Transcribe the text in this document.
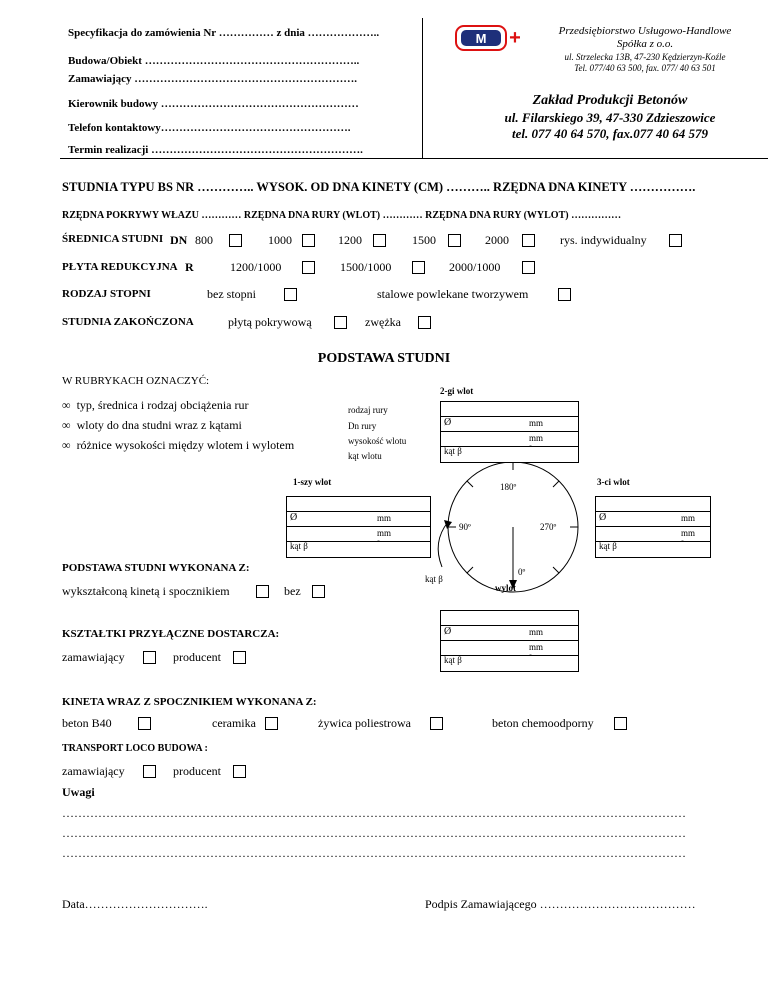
Specyfikacja do zamówienia Nr …………… z dnia ………………..
Budowa/Obiekt …………………………………………………..
Zamawiający …………………………………………………….
Kierownik budowy ………………………………………………
Telefon kontaktowy…………………………………………….
Termin realizacji ………………………………………………….
M +	Przedsiębiorstwo Usługowo-Handlowe
Spółka z o.o.
ul. Strzelecka 13B, 47-230 Kędzierzyn-Koźle
Tel. 077/40 63 500, fax. 077/ 40 63 501
Zakład Produkcji Betonów
ul. Filarskiego 39, 47-330 Zdzieszowice
tel. 077 40 64 570, fax.077 40 64 579
STUDNIA TYPU BS NR ………….. WYSOK. OD DNA KINETY (CM) ……….. RZĘDNA DNA KINETY …………….
RZĘDNA POKRYWY WŁAZU ………… RZĘDNA DNA RURY (WLOT) ………… RZĘDNA DNA RURY (WYLOT) ……………
ŚREDNICA STUDNI DN 800	1000	1200	1500	2000	rys. indywidualny
PŁYTA REDUKCYJNA R	1200/1000	1500/1000	2000/1000
RODZAJ STOPNI	bez stopni	stalowe powlekane tworzywem
STUDNIA ZAKOŃCZONA	płytą pokrywową	zwężka
PODSTAWA STUDNI
W RUBRYKACH OZNACZYĆ:
∞ typ, średnica i rodzaj obciążenia rur
∞ wloty do dna studni wraz z kątami
∞ różnice wysokości między wlotem i wylotem
2-gi wlot
rodzaj rury
Dn rury
wysokość wlotu
kąt wlotu
Ø	mm
mm
kąt β	˚
1-szy wlot
Ø	mm
mm
kąt β	˚
3-ci wlot
Ø	mm
mm
kąt β	˚
180º
90º	270º
0º
kąt β
wylot
PODSTAWA STUDNI WYKONANA Z:
wykształconą kinetą i spocznikiem	bez
Ø	mm
mm
kąt β	˚
KSZTAŁTKI PRZYŁĄCZNE DOSTARCZA:
zamawiający	producent
KINETA WRAZ Z SPOCZNIKIEM WYKONANA Z:
beton B40	ceramika	żywica poliestrowa	beton chemoodporny
TRANSPORT LOCO BUDOWA :
zamawiający	producent
Uwagi
…………………………………………………………………………………………………………………………………………
…………………………………………………………………………………………………………………………………………
…………………………………………………………………………………………………………………………………………
Data………………………….	Podpis Zamawiającego …………………………………
